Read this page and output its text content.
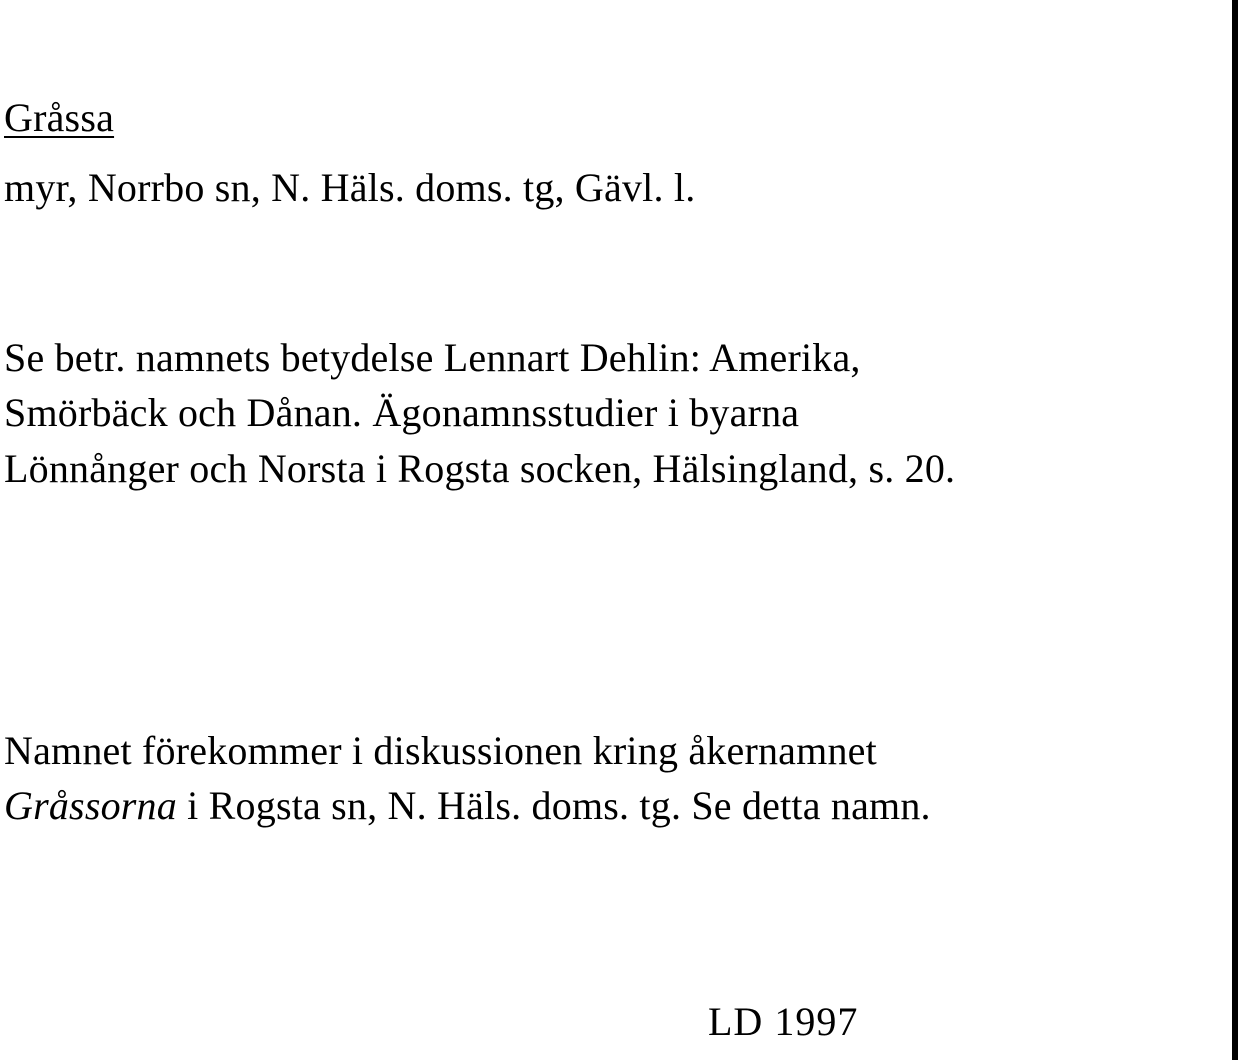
Gråssa

myr, Norrbo sn, N. Häls. doms. tg, Gävl. l.

Se betr. namnets betydelse Lennart Dehlin: Amerika,

Smörbäck och Dånan. Ägonamnsstudier i byarna

Lönnånger och Norsta i Rogsta socken, Hälsingland, s. 20.

Namnet förekommer i diskussionen kring åkernamnet

Gråssorna i Rogsta sn, N. Häls. doms. tg. Se detta namn.

LD 1997
